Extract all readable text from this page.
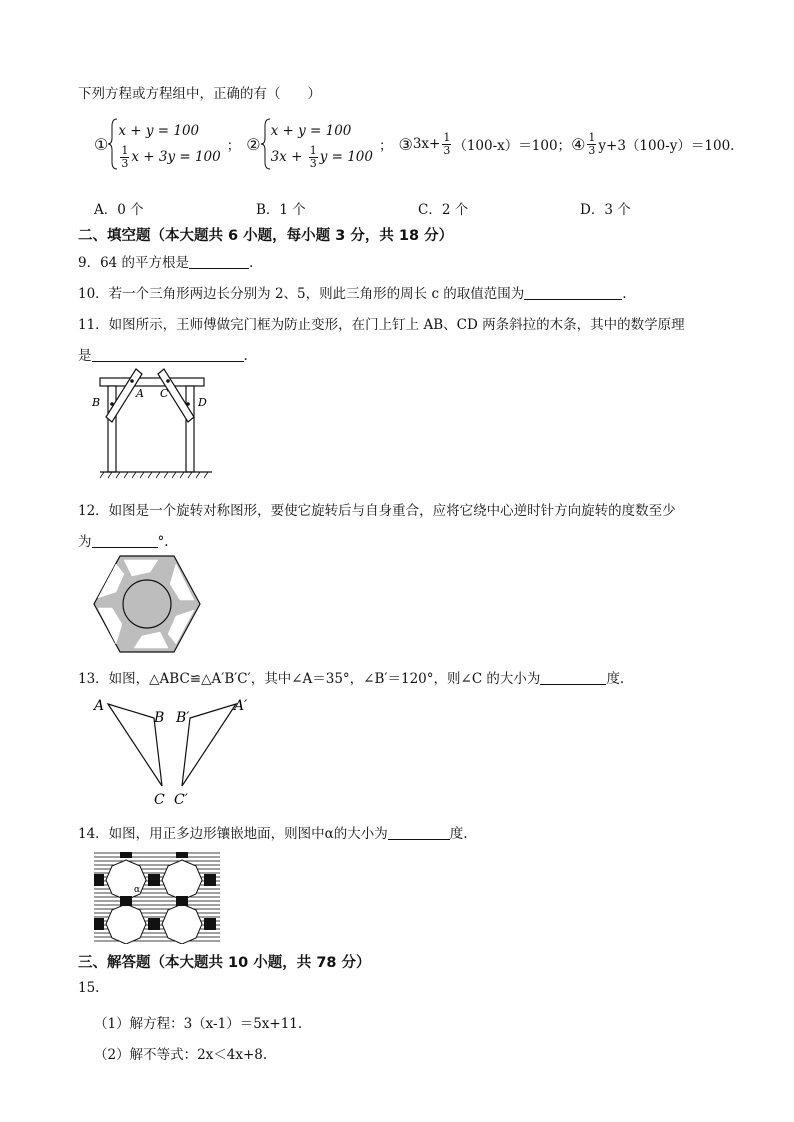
下列方程或方程组中，正确的有（　　）
①
x + y = 100
$\frac{1}{3}$ x + 3y = 100
； ②
x + y = 100
$3x + \frac{1}{3}$ y = 100
； ③ $3x+ \frac{1}{3} (100-x)=100$； ④ $\frac{1}{3} y+3(100-y)=100$.
A．0 个	B．1 个	C．2 个	D．3 个
二、填空题（本大题共 6 小题，每小题 3 分，共 18 分）
9．64 的平方根是	.
10．若一个三角形两边长分别为 2、5，则此三角形的周长 c 的取值范围为	.
11．如图所示，王师傅做完门框为防止变形，在门上钉上 AB、CD 两条斜拉的木条，其中的数学原理
是	.
B
A C
D
12．如图是一个旋转对称图形，要使它旋转后与自身重合，应将它绕中心逆时针方向旋转的度数至少
为	°.
13．如图，△ABC≌△A′B′C′，其中∠A＝35°，∠B′＝120°，则∠C 的大小为	度.
A
B
C
A′
B′
C′
14．如图，用正多边形镶嵌地面，则图中α的大小为	度.
α
三、解答题（本大题共 10 小题，共 78 分）
15.
（1）解方程：3（x-1）＝5x+11.
（2）解不等式：2x＜4x+8.
